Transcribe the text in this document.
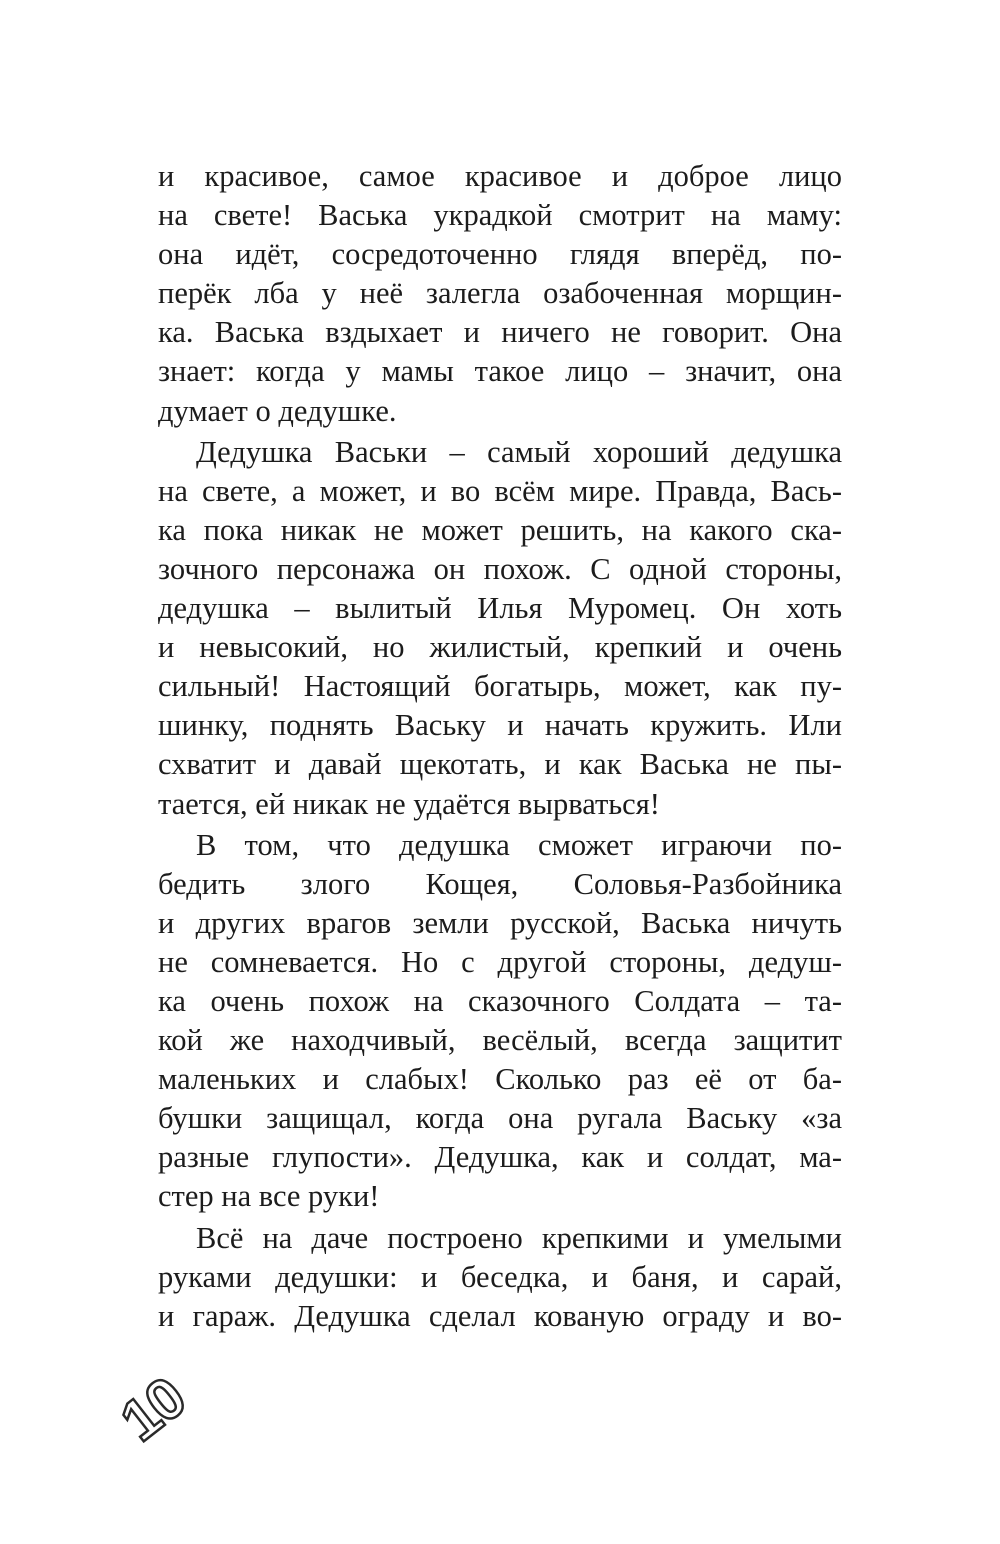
и красивое, самое красивое и доброе лицо
на свете! Васька украдкой смотрит на маму:
она идёт, сосредоточенно глядя вперёд, по-
перёк лба у неё залегла озабоченная морщин-
ка. Васька вздыхает и ничего не говорит. Она
знает: когда у мамы такое лицо – значит, она
думает о дедушке.
Дедушка Васьки – самый хороший дедушка
на свете, а может, и во всём мире. Правда, Вась-
ка пока никак не может решить, на какого ска-
зочного персонажа он похож. С одной стороны,
дедушка – вылитый Илья Муромец. Он хоть
и невысокий, но жилистый, крепкий и очень
сильный! Настоящий богатырь, может, как пу-
шинку, поднять Ваську и начать кружить. Или
схватит и давай щекотать, и как Васька не пы-
тается, ей никак не удаётся вырваться!
В том, что дедушка сможет играючи по-
бедить злого Кощея, Соловья-Разбойника
и других врагов земли русской, Васька ничуть
не сомневается. Но с другой стороны, дедуш-
ка очень похож на сказочного Солдата – та-
кой же находчивый, весёлый, всегда защитит
маленьких и слабых! Сколько раз её от ба-
бушки защищал, когда она ругала Ваську «за
разные глупости». Дедушка, как и солдат, ма-
стер на все руки!
Всё на даче построено крепкими и умелыми
руками дедушки: и беседка, и баня, и сарай,
и гараж. Дедушка сделал кованую ограду и во-
10
